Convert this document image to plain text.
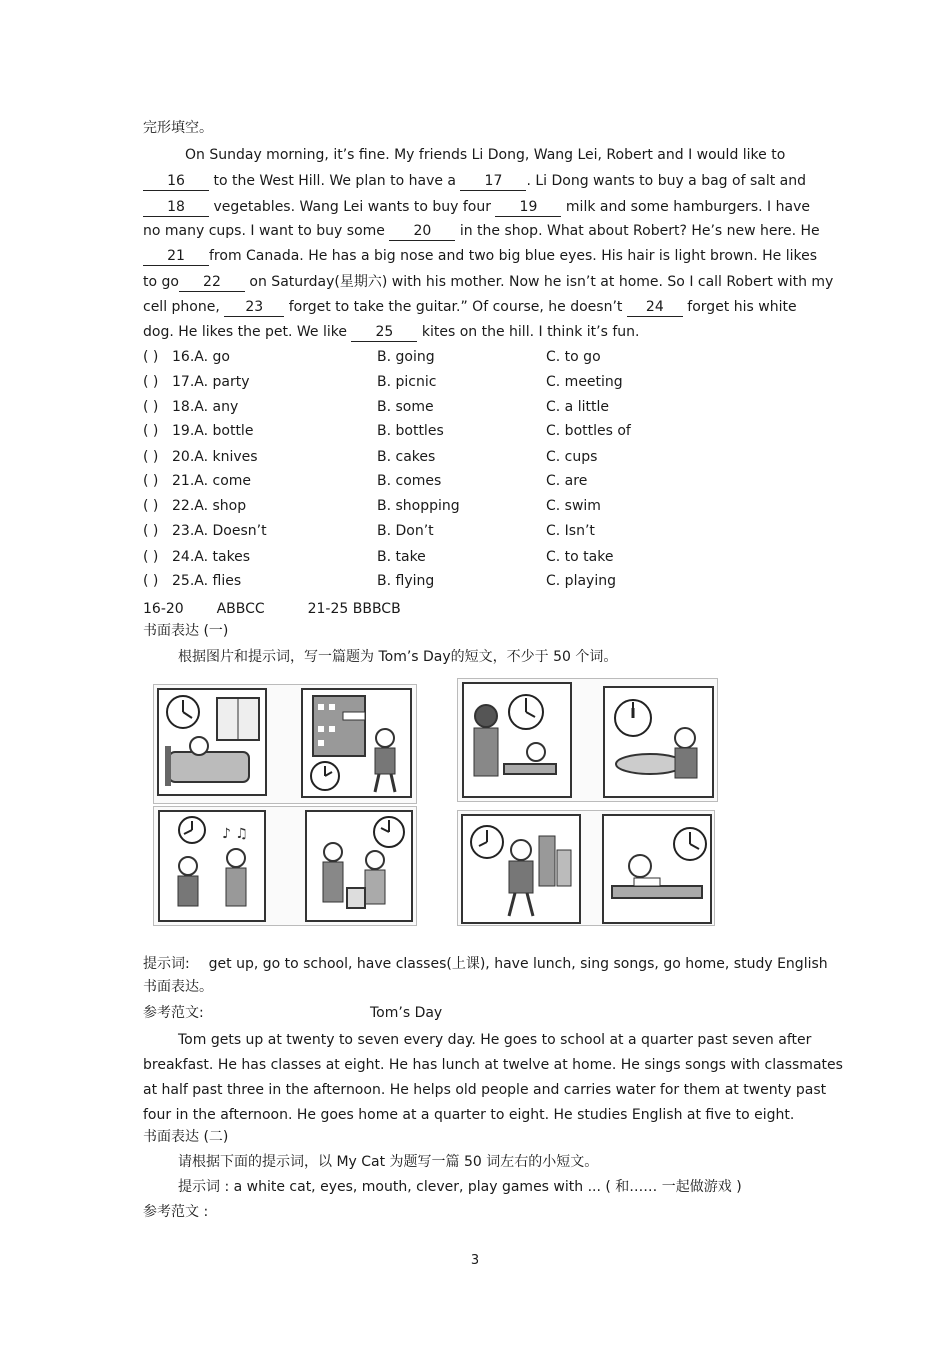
完形填空。
On Sunday morning, it’s fine. My friends Li Dong, Wang Lei, Robert and I would like to
16 to the West Hill. We plan to have a 17 . Li Dong wants to buy a bag of salt and
18 vegetables. Wang Lei wants to buy four 19 milk and some hamburgers. I have
no many cups. I want to buy some 20 in the shop. What about Robert? He’s new here. He
21 from Canada. He has a big nose and two big blue eyes. His hair is light brown. He likes
to go 22 on Saturday(星期六) with his mother. Now he isn’t at home. So I call Robert with my
cell phone, 23 forget to take the guitar.” Of course, he doesn’t 24 forget his white
dog. He likes the pet. We like 25 kites on the hill. I think it’s fun.
( ) 16.A. go	B. going	C. to go
( ) 17.A. party	B. picnic	C. meeting
( ) 18.A. any	B. some	C. a little
( ) 19.A. bottle	B. bottles	C. bottles of
( ) 20.A. knives	B. cakes	C. cups
( ) 21.A. come	B. comes	C. are
( ) 22.A. shop	B. shopping	C. swim
( ) 23.A. Doesn’t	B. Don’t	C. Isn’t
( ) 24.A. takes	B. take	C. to take
( ) 25.A. flies	B. flying	C. playing
16-20 ABBCC	21-25 BBBCB
书面表达 (一)
根据图片和提示词，写一篇题为 Tom’s Day的短文，不少于 50 个词。
♪ ♫
提示词: get up, go to school, have classes(上课), have lunch, sing songs, go home, study English
书面表达。
参考范文:	Tom’s Day
Tom gets up at twenty to seven every day. He goes to school at a quarter past seven after
breakfast. He has classes at eight. He has lunch at twelve at home. He sings songs with classmates
at half past three in the afternoon. He helps old people and carries water for them at twenty past
four in the afternoon. He goes home at a quarter to eight. He studies English at five to eight.
书面表达 (二)
请根据下面的提示词，以 My Cat 为题写一篇 50 词左右的小短文。
提示词 : a white cat, eyes, mouth, clever, play games with ... ( 和…… 一起做游戏 )
参考范文 :
3
